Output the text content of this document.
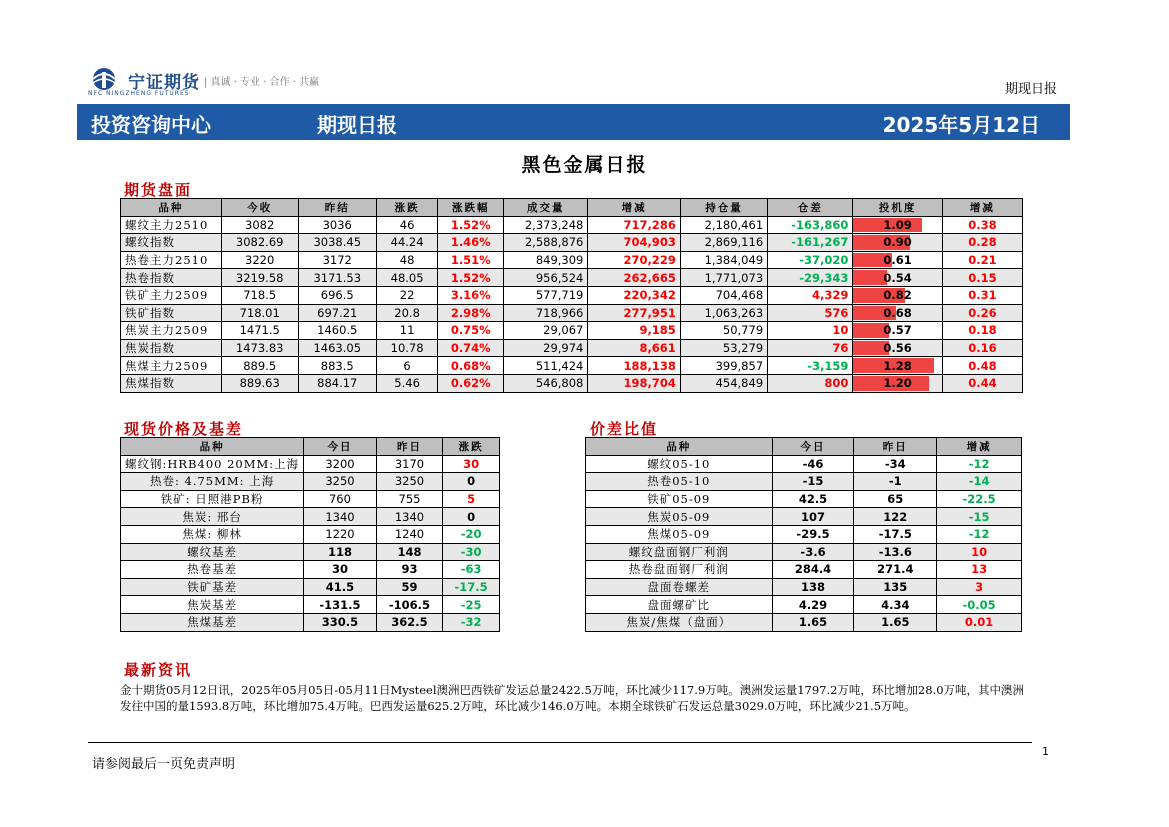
宁证期货 | 真诚 · 专业 · 合作 · 共赢
NFC NINGZHENG FUTURES	期现日报
投资咨询中心	期现日报	2025年5月12日
黑色金属日报
期货盘面
品种	今收	昨结	涨跌	涨跌幅	成交量	增减	持仓量	仓差	投机度	增减
螺纹主力2510	3082	3036	46	1.52%	2,373,248	717,286	2,180,461	-163,860	1.09	0.38
螺纹指数	3082.69	3038.45	44.24	1.46%	2,588,876	704,903	2,869,116	-161,267	0.90	0.28
热卷主力2510	3220	3172	48	1.51%	849,309	270,229	1,384,049	-37,020	0.61	0.21
热卷指数	3219.58	3171.53	48.05	1.52%	956,524	262,665	1,771,073	-29,343	0.54	0.15
铁矿主力2509	718.5	696.5	22	3.16%	577,719	220,342	704,468	4,329	0.82	0.31
铁矿指数	718.01	697.21	20.8	2.98%	718,966	277,951	1,063,263	576	0.68	0.26
焦炭主力2509	1471.5	1460.5	11	0.75%	29,067	9,185	50,779	10	0.57	0.18
焦炭指数	1473.83	1463.05	10.78	0.74%	29,974	8,661	53,279	76	0.56	0.16
焦煤主力2509	889.5	883.5	6	0.68%	511,424	188,138	399,857	-3,159	1.28	0.48
焦煤指数	889.63	884.17	5.46	0.62%	546,808	198,704	454,849	800	1.20	0.44
现货价格及基差
品种	今日	昨日	涨跌
螺纹钢:HRB400 20MM:上海	3200	3170	30
热卷: 4.75MM: 上海	3250	3250	0
铁矿: 日照港PB粉	760	755	5
焦炭: 邢台	1340	1340	0
焦煤: 柳林	1220	1240	-20
螺纹基差	118	148	-30
热卷基差	30	93	-63
铁矿基差	41.5	59	-17.5
焦炭基差	-131.5	-106.5	-25
焦煤基差	330.5	362.5	-32
价差比值
品种	今日	昨日	增减
螺纹05-10	-46	-34	-12
热卷05-10	-15	-1	-14
铁矿05-09	42.5	65	-22.5
焦炭05-09	107	122	-15
焦煤05-09	-29.5	-17.5	-12
螺纹盘面钢厂利润	-3.6	-13.6	10
热卷盘面钢厂利润	284.4	271.4	13
盘面卷螺差	138	135	3
盘面螺矿比	4.29	4.34	-0.05
焦炭/焦煤（盘面）	1.65	1.65	0.01
最新资讯
金十期货05月12日讯，2025年05月05日-05月11日Mysteel澳洲巴西铁矿发运总量2422.5万吨，环比减少117.9万吨。澳洲发运量1797.2万吨，环比增加28.0万吨，其中澳洲发往中国的量1593.8万吨，环比增加75.4万吨。巴西发运量625.2万吨，环比减少146.0万吨。本期全球铁矿石发运总量3029.0万吨，环比减少21.5万吨。
1
请参阅最后一页免责声明
